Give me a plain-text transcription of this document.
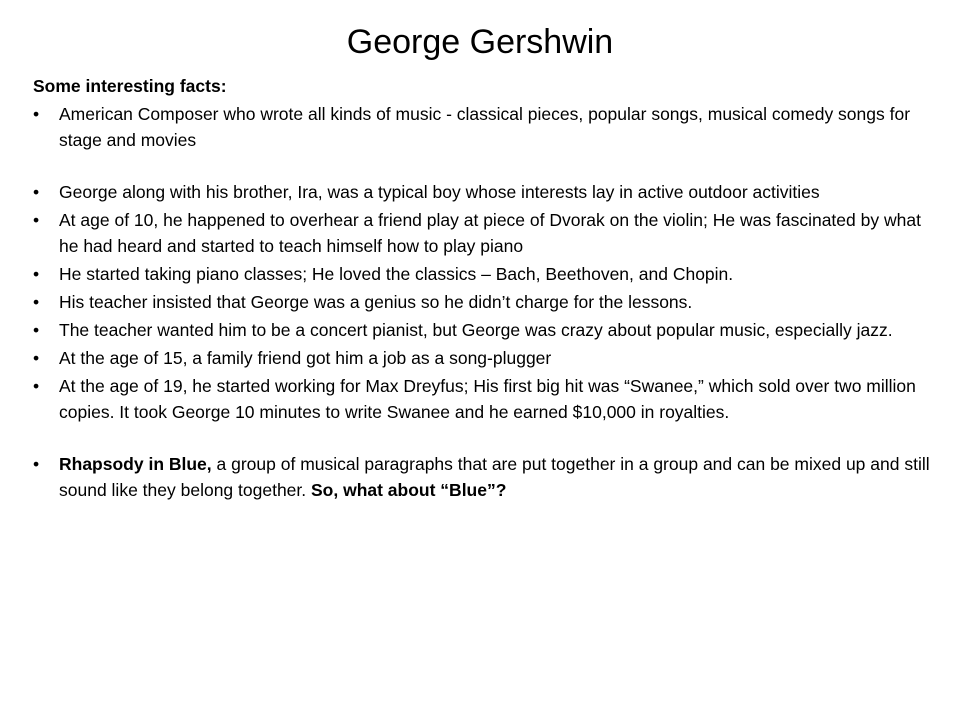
George Gershwin
Some interesting facts:
• American Composer who wrote all kinds of music - classical pieces, popular songs, musical comedy songs for stage and movies
• George along with his brother, Ira, was a typical boy whose interests lay in active outdoor activities
• At age of 10, he happened to overhear a friend play at piece of Dvorak on the violin; He was fascinated by what he had heard and started to teach himself how to play piano
• He started taking piano classes; He loved the classics – Bach, Beethoven, and Chopin.
• His teacher insisted that George was a genius so he didn’t charge for the lessons.
• The teacher wanted him to be a concert pianist, but George was crazy about popular music, especially jazz.
• At the age of 15, a family friend got him a job as a song-plugger
• At the age of 19, he started working for Max Dreyfus; His first big hit was “Swanee,” which sold over two million copies. It took George 10 minutes to write Swanee and he earned $10,000 in royalties.
• Rhapsody in Blue, a group of musical paragraphs that are put together in a group and can be mixed up and still sound like they belong together. So, what about “Blue”?
